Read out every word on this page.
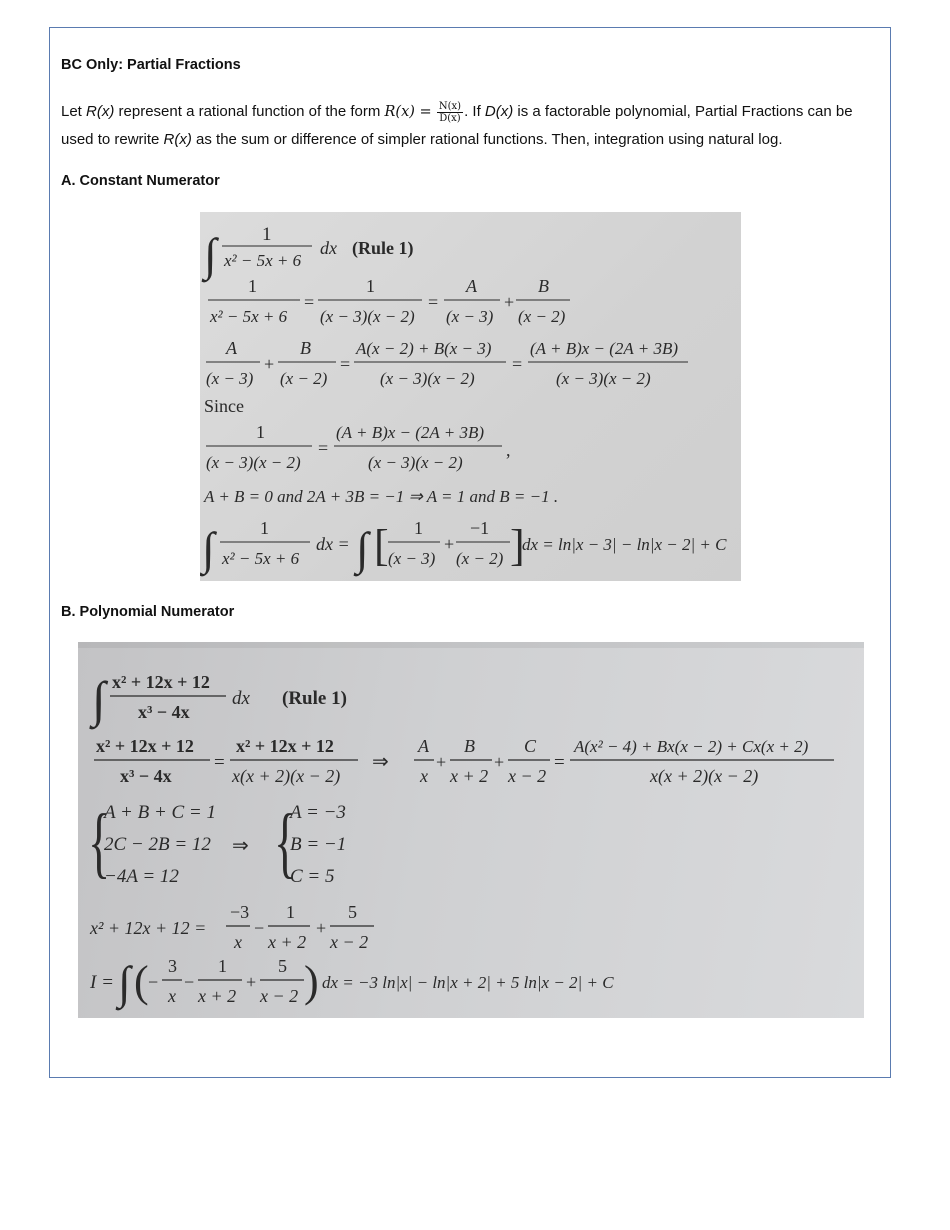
BC Only: Partial Fractions
Let R(x) represent a rational function of the form $R(x) = \frac{N(x)}{D(x)}$ . If D(x) is a factorable polynomial, Partial Fractions can be used to rewrite R(x) as the sum or difference of simpler rational functions. Then, integration using natural log.
A. Constant Numerator
∫ 1
x² − 5x + 6
dx (Rule 1)
1
x² − 5x + 6
=
1
(x − 3)(x − 2)
=
A
(x − 3)
+
B
(x − 2)
A
(x − 3)
+
B
(x − 2)
=
A(x − 2) + B(x − 3)
(x − 3)(x − 2)
=
(A + B)x − (2A + 3B)
(x − 3)(x − 2)
Since
1
(x − 3)(x − 2)
=
(A + B)x − (2A + 3B)
(x − 3)(x − 2)
,
A + B = 0 and 2A + 3B = −1 ⇒ A = 1 and B = −1 .
∫	1
x² − 5x + 6
dx = ∫ [ 1
(x − 3)
+
−1
(x − 2) ]
dx = ln|x − 3| − ln|x − 2| + C
B. Polynomial Numerator
∫ x² + 12x + 12
x³ − 4x
dx (Rule 1)
x² + 12x + 12
x³ − 4x
=
x² + 12x + 12
x(x + 2)(x − 2)
⇒
A
x
+
B
x + 2
+
C
x − 2
=
A(x² − 4) + Bx(x − 2) + Cx(x + 2)
x(x + 2)(x − 2)
{
A + B + C = 1
2C − 2B = 12
−4A = 12
⇒ {
A = −3
B = −1
C = 5
x² + 12x + 12 =
−3
x
−
1
x + 2
+
5
x − 2
I = ∫ ( −
3
x
−
1
x + 2
+
5
x − 2 ) dx = −3 ln|x| − ln|x + 2| + 5 ln|x − 2| + C
